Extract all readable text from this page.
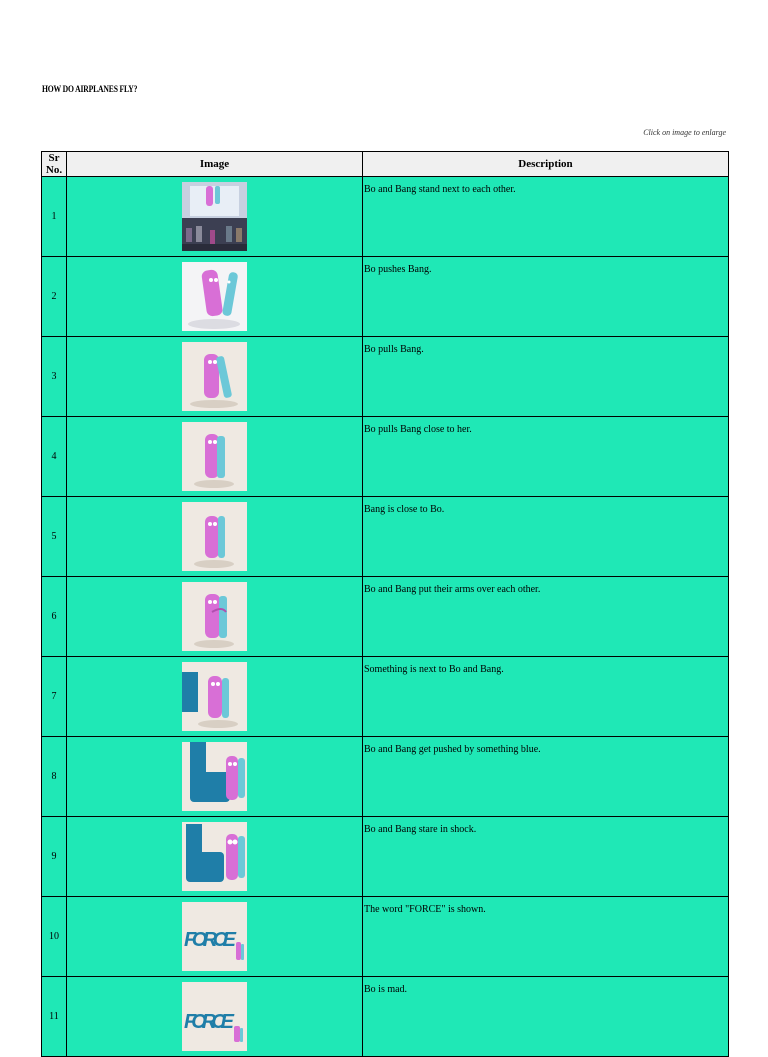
HOW DO AIRPLANES FLY?
Click on image to enlarge
Sr No.	Image	Description
1		Bo and Bang stand next to each other.
2		Bo pushes Bang.
3		Bo pulls Bang.
4		Bo pulls Bang close to her.
5		Bang is close to Bo.
6		Bo and Bang put their arms over each other.
7		Something is next to Bo and Bang.
8		Bo and Bang get pushed by something blue.
9		Bo and Bang stare in shock.
10	FORCE	The word "FORCE" is shown.
11	FORCE	Bo is mad.
